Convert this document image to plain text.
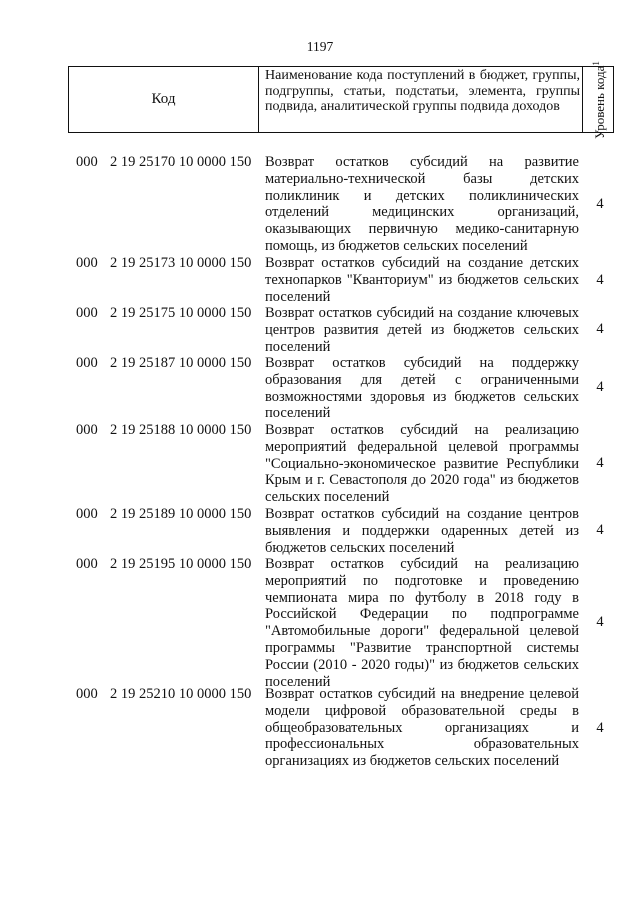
1197
Код
Наименование кода поступлений в бюджет, группы, подгруппы, статьи, подстатьи, элемента, группы подвида, аналитической группы подвида доходов	Уровень кода$^1$
000 2 19 25170 10 0000 150 Возврат остатков субсидий на развитие материально-технической базы детских поликлиник и детских поликлинических отделений медицинских организаций, оказывающих первичную медико-санитарную помощь, из бюджетов сельских поселений
4
000 2 19 25173 10 0000 150 Возврат остатков субсидий на создание детских технопарков "Кванториум" из бюджетов сельских поселений
4
000 2 19 25175 10 0000 150 Возврат остатков субсидий на создание ключевых центров развития детей из бюджетов сельских поселений
4
000 2 19 25187 10 0000 150 Возврат остатков субсидий на поддержку образования для детей с ограниченными возможностями здоровья из бюджетов сельских поселений
4
000 2 19 25188 10 0000 150 Возврат остатков субсидий на реализацию мероприятий федеральной целевой программы "Социально-экономическое развитие Республики Крым и г. Севастополя до 2020 года" из бюджетов сельских поселений
4
000 2 19 25189 10 0000 150 Возврат остатков субсидий на создание центров выявления и поддержки одаренных детей из бюджетов сельских поселений
4
000 2 19 25195 10 0000 150 Возврат остатков субсидий на реализацию мероприятий по подготовке и проведению чемпионата мира по футболу в 2018 году в Российской Федерации по подпрограмме "Автомобильные дороги" федеральной целевой программы "Развитие транспортной системы России (2010 - 2020 годы)" из бюджетов сельских поселений
4
000 2 19 25210 10 0000 150 Возврат остатков субсидий на внедрение целевой модели цифровой образовательной среды в общеобразовательных организациях и профессиональных образовательных организациях из бюджетов сельских поселений
4
